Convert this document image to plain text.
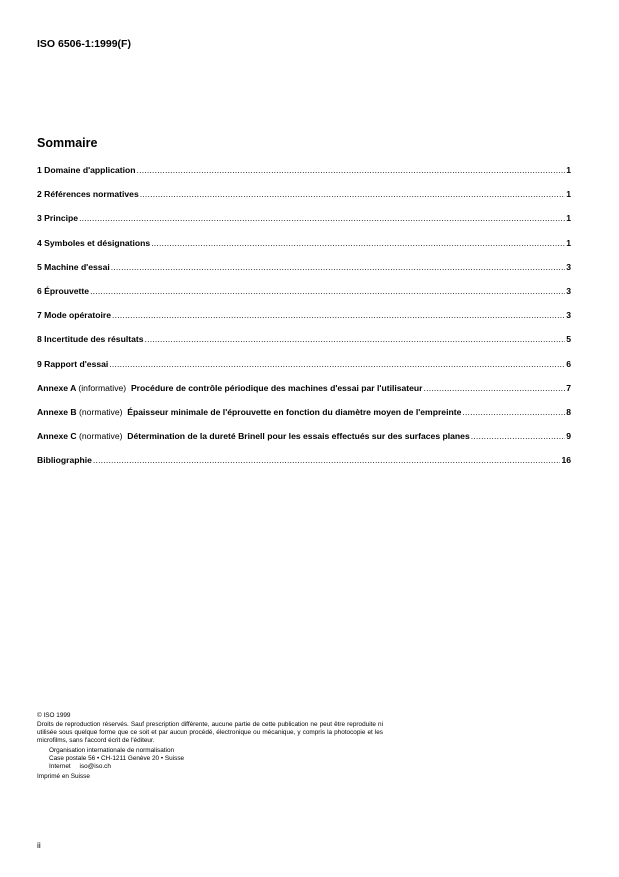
ISO 6506-1:1999(F)
Sommaire
1 Domaine d'application .....	1
2 Références normatives .....	1
3 Principe .....	1
4 Symboles et désignations .....	1
5 Machine d'essai .....	3
6 Éprouvette .....	3
7 Mode opératoire .....	3
8 Incertitude des résultats .....	5
9 Rapport d'essai .....	6
Annexe A (informative) Procédure de contrôle périodique des machines d'essai par l'utilisateur .....	7
Annexe B (normative) Épaisseur minimale de l'éprouvette en fonction du diamètre moyen de l'empreinte .....	8
Annexe C (normative) Détermination de la dureté Brinell pour les essais effectués sur des surfaces planes .....	9
Bibliographie .....	16
© ISO 1999
Droits de reproduction réservés. Sauf prescription différente, aucune partie de cette publication ne peut être reproduite ni utilisée sous quelque forme que ce soit et par aucun procédé, électronique ou mécanique, y compris la photocopie et les microfilms, sans l'accord écrit de l'éditeur.
Organisation internationale de normalisation
Case postale 56 • CH-1211 Genève 20 • Suisse
Internet     iso@iso.ch
Imprimé en Suisse
ii
